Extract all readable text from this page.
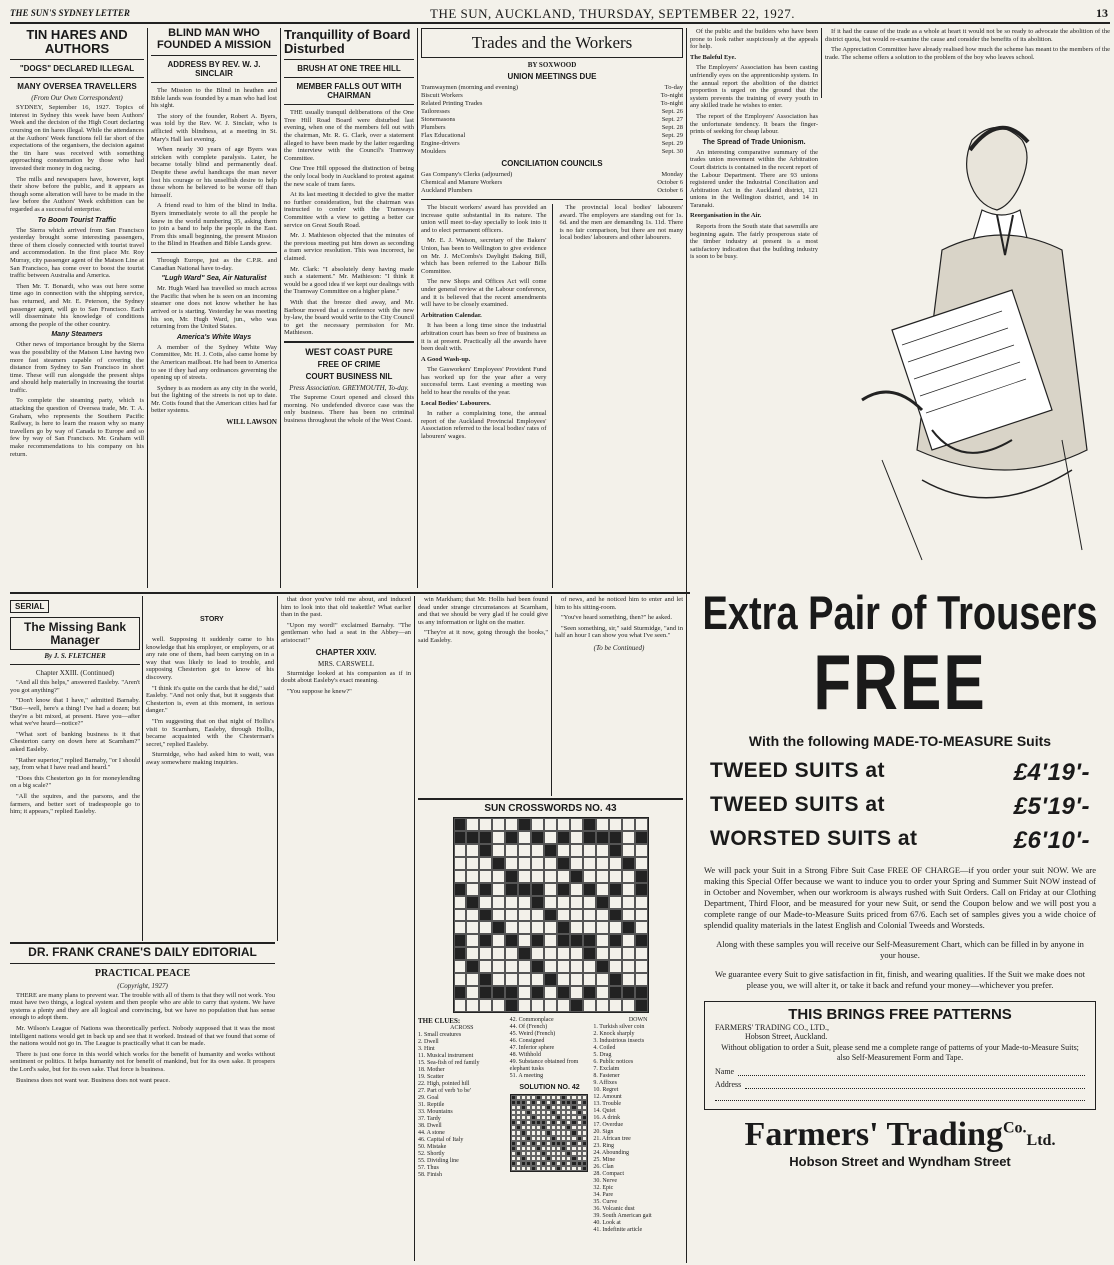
THE SUN'S SYDNEY LETTER	THE SUN, AUCKLAND, THURSDAY, SEPTEMBER 22, 1927.	13
TIN HARES AND AUTHORS
"DOGS" DECLARED ILLEGAL
MANY OVERSEA TRAVELLERS
(From Our Own Correspondent)

SYDNEY, September 16, 1927. Topics of interest in Sydney this week have been Authors' Week and the decision of the High Court declaring coursing on tin hares illegal. While the attendances at the Authors' Week functions fell far short of the expectations of the organisers, the decision against the tin hare was received with something approaching consternation by those who had invested their money in dog racing.

The mills and newspapers have, however, kept their show before the public, and it appears as though some alteration will have to be made in the law before the Authors' Week exhibition can be regarded as a successful enterprise.

To Boom Tourist Traffic

The Sierra which arrived from San Francisco yesterday brought some interesting passengers, three of them closely connected with tourist travel and accommodation. In the first place Mr. Roy Murray, city passenger agent of the Matson Line at San Francisco, has come over to boost the tourist traffic between Australia and America.

Then Mr. T. Bonardi, who was out here some time ago in connection with the shipping service, has returned, and Mr. E. Peterson, the Sydney passenger agent, will go to San Francisco. Each will disseminate his knowledge of conditions among the people of the other country.

Many Steamers

Other news of importance brought by the Sierra was the possibility of the Matson Line having two more fast steamers capable of covering the distance from Sydney to San Francisco in short time. These will run alongside the present ships and should help materially in increasing the tourist traffic.

To complete the steaming party, which is attacking the question of Oversea trade, Mr. T. A. Graham, who represents the Southern Pacific Railway, is here to learn the reason why so many travellers go by way of Canada to Europe and so few by way of San Francisco. Mr. Graham will make recommendations to his company on his return.

BLIND MAN WHO FOUNDED A MISSION
ADDRESS BY REV. W. J. SINCLAIR

The Mission to the Blind in heathen and Bible lands was founded by a man who had lost his sight.

The story of the founder, Robert A. Byers, was told by the Rev. W. J. Sinclair, who is afflicted with blindness, at a meeting in St. Mary's Hall last evening.

When nearly 30 years of age Byers was stricken with complete paralysis. Later, he became totally blind and permanently deaf. Despite these awful handicaps the man never lost his courage or his unselfish desire to help those whom he believed to be worse off than himself.

A friend read to him of the blind in India. Byers immediately wrote to all the people he knew in the world numbering 35, asking them to join a band to help the people in the East. From this small beginning, the present Mission to the Blind in Heathen and Bible Lands grew.

Through Europe, just as the C.P.R. and Canadian National have to-day.

"Lugh Ward" Sea, Air Naturalist

Mr. Hugh Ward has travelled so much across the Pacific that when he is seen on an incoming steamer one does not know whether he has arrived or is starting. Yesterday he was meeting his son, Mr. Hugh Ward, jun., who was returning from the United States.

America's White Ways

A member of the Sydney White Way Committee, Mr. H. J. Cotis, also came home by the American mailboat. He had been to America to see if they had any ordinances governing the opening up of streets.

Sydney is as modern as any city in the world, but the lighting of the streets is not up to date. Mr. Cotis found that the American cities had far better systems.

WILL LAWSON
Tranquillity of Board Disturbed
BRUSH AT ONE TREE HILL
MEMBER FALLS OUT WITH CHAIRMAN

THE usually tranquil deliberations of the One Tree Hill Road Board were disturbed last evening, when one of the members fell out with the chairman, Mr. R. G. Clark, over a statement alleged to have been made by the latter regarding the interview with the Council's Tramway Committee.

One Tree Hill opposed the distinction of being the only local body in Auckland to protest against the new scale of tram fares.

At its last meeting it decided to give the matter no further consideration, but the chairman was instructed to confer with the Tramways Committee with a view to getting a better car service on Great South Road.

Mr. J. Mathieson objected that the minutes of the previous meeting put him down as seconding a tram service resolution. This was incorrect, he claimed.

Mr. Clark: "I absolutely deny having made such a statement." Mr. Mathieson: "I think it would be a good idea if we kept our dealings with the Tramway Committee on a higher plane."

With that the breeze died away, and Mr. Barbour moved that a conference with the new by-law, the board would write to the City Council to get the necessary permission for Mr. Mathieson.

WEST COAST PURE
FREE OF CRIME
COURT BUSINESS NIL
Press Association. GREYMOUTH, To-day.

The Supreme Court opened and closed this morning. No undefended divorce case was the only business. There has been no criminal business throughout the whole of the West Coast.

Trades and the Workers
BY SOXWOOD
UNION MEETINGS DUE
Tramwaymen (morning and evening)	To-day
Biscuit Workers	To-night
Related Printing Trades	To-night
Tailoresses	Sept. 26
Stonemasons	Sept. 27
Plumbers	Sept. 28
Flax Educational	Sept. 29
Engine-drivers	Sept. 29
Moulders	Sept. 30
CONCILIATION COUNCILS
Gas Company's Clerks (adjourned)	Monday
Chemical and Manure Workers	October 6
Auckland Plumbers	October 6

The biscuit workers' award has provided an increase quite substantial in its nature. The union will meet to-day specially to look into it and to elect permanent officers.

Mr. E. J. Watson, secretary of the Bakers' Union, has been to Wellington to give evidence on Mr. J. McCombs's Daylight Baking Bill, which has been referred to the Labour Bills Committee.

The new Shops and Offices Act will come under general review at the Labour conference, and it is believed that the recent amendments will have to be closely examined.

Arbitration Calendar.

It has been a long time since the industrial arbitration court has been so free of business as it is at present. Practically all the awards have been dealt with.

A Good Wash-up.

The Gasworkers' Employees' Provident Fund has worked up for the year after a very successful term. Last evening a meeting was held to hear the results of the year.

Local Bodies' Labourers.

In rather a complaining tone, the annual report of the Auckland Provincial Employees' Association referred to the local bodies' rates of labourers' wages.

The provincial local bodies' labourers' award. The employers are standing out for 1s. 6d. and the men are demanding 1s. 11d. There is no fair comparison, but there are not many local bodies' labourers and other labourers.

Of the public and the builders who have been prone to look rather suspiciously at the appeals for help.

The Baleful Eye.

The Employers' Association has been casting unfriendly eyes on the apprenticeship system. In the annual report the abolition of the district proportion is urged on the ground that the system prevents the training of every youth in any skilled trade he wishes to enter.

The report of the Employers' Association has the unfortunate tendency. It bears the finger-prints of seeking for cheap labour.

The Spread of Trade Unionism.

An interesting comparative summary of the trades union movement within the Arbitration Court districts is contained in the recent report of the Labour Department. There are 93 unions registered under the Industrial Conciliation and Arbitration Act in the Auckland district, 121 unions in the Wellington district, and 14 in Taranaki.

Reorganisation in the Air.

Reports from the South state that sawmills are beginning again. The fairly prosperous state of the timber industry at present is a most satisfactory indication that the building industry is soon to be busy.

If it had the cause of the trade as a whole at heart it would not be so ready to advocate the abolition of the district quota, but would re-examine the cause and consider the benefits of its abolition.

The Appreciation Committee have already realised how much the scheme has meant to the members of the trade. The scheme offers a solution to the problem of the boy who leaves school.

Extra Pair of Trousers
FREE
With the following MADE-TO-MEASURE Suits
TWEED SUITS at	£4'19'-
TWEED SUITS at	£5'19'-
WORSTED SUITS at	£6'10'-
We will pack your Suit in a Strong Fibre Suit Case FREE OF CHARGE—if you order your suit NOW. We are making this Special Offer because we want to induce you to order your Spring and Summer Suit NOW instead of in October and November, when our workroom is always rushed with Suit Orders. Call on Friday at our Clothing Department, Third Floor, and be measured for your new Suit, or send the Coupon below and we will post you a complete range of our Made-to-Measure Suits priced from 67/6. Each set of samples gives you a wide choice of splendid quality materials in the latest English and Colonial Tweeds and Worsteds.
Along with these samples you will receive our Self-Measurement Chart, which can be filled in by anyone in your house.
We guarantee every Suit to give satisfaction in fit, finish, and wearing qualities. If the Suit we make does not please you, we will alter it, or take it back and refund your money—whichever you prefer.
THIS BRINGS FREE PATTERNS
FARMERS' TRADING CO., LTD.,
Hobson Street, Auckland.
Without obligation to order a Suit, please send me a complete range of patterns of your Made-to-Measure Suits; also Self-Measurement Form and Tape.
Name
Address
Farmers' Trading$^{Co.}$Ltd.
Hobson Street and Wyndham Street
SERIAL
The Missing Bank Manager
By J. S. FLETCHER
Chapter XXIII. (Continued)

"And all this helps," answered Easleby. "Aren't you got anything?"

"Don't know that I have," admitted Barnaby. "But—well, here's a thing! I've had a dozen; but they're a bit mixed, at present. Have you—after what we've heard—notice?"

"What sort of banking business is it that Chesterton carry on down here at Scarnham?" asked Easleby.

"Rather superior," replied Barnaby, "or I should say, from what I have read and heard."

"Does this Chesterton go in for moneylending on a big scale?"

"All the squires, and the parsons, and the farmers, and better sort of tradespeople go to him; it appears," replied Easleby.

STORY

well. Supposing it suddenly came to his knowledge that his employer, or employers, or at any rate one of them, had been carrying on in a way that was likely to lead to trouble, and supposing Chesterton got to know of his discovery.

"I think it's quite on the cards that he did," said Easleby. "And not only that, but it suggests that Chesterton is, even at this moment, in serious danger."

"I'm suggesting that on that night of Hollis's visit to Scarnham, Easleby, through Hollis, became acquainted with the Chesterman's secret," replied Easleby.

Sturmidge, who had asked him to wait, was away somewhere making inquiries.

that door you've told me about, and induced him to look into that old teakettle? What earlier than in the past.

"Upon my word!" exclaimed Barnaby. "The gentleman who had a seat in the Abbey—an aristocrat!"

CHAPTER XXIV.
MRS. CARSWELL

Sturmidge looked at his companion as if in doubt about Easleby's exact meaning.

"You suppose he knew?"

win Markham; that Mr. Hollis had been found dead under strange circumstances at Scarnham, and that we should be very glad if he could give us any information or light on the matter.

"They're at it now, going through the books," said Easleby.

of news, and he noticed him to enter and let him to his sitting-room.

"You've heard something, then?" he asked.

"Seen something, sir," said Sturmidge, "and in half an hour I can show you what I've seen."

(To be Continued)
DR. FRANK CRANE'S DAILY EDITORIAL
PRACTICAL PEACE
(Copyright, 1927)

THERE are many plans to prevent war. The trouble with all of them is that they will not work. You must have two things, a logical system and then people who are able to carry that system. We have systems a plenty and they are all logical and convincing, but we have no population that has sense enough to adopt them.

Mr. Wilson's League of Nations was theoretically perfect. Nobody supposed that it was the most intelligent nations would get in back up and see that it worked. Instead of that we found that some of the nations would not go in. The League is practically what it can be made.

There is just one force in this world which works for the benefit of humanity and works without sentiment or politics. It helps humanity not for benefit of mankind, but for its own sake. It prospers the Lord's sake, but for its own sake. That force is business.

Business does not want war. Business does not want peace.

SUN CROSSWORDS NO. 43
THE CLUES:
ACROSS
1. Small creatures
2. Dwell
3. Hint
11. Musical instrument
15. Sea-fish of red family
18. Mother
19. Scatter
22. High, pointed hill
27. Part of verb 'to be'
29. Goal
31. Reptile
33. Mountains
37. Tardy
38. Dwell
44. A stone
46. Capital of Italy
50. Mistake
52. Shortly
55. Dividing line
57. Thus
58. Finish
42. Commonplace
44. Of (French)
45. Weird (French)
46. Consigned
47. Inferior sphere
48. Withhold
49. Substance obtained from elephant tusks
51. A meeting
SOLUTION NO. 42
DOWN
1. Turkish silver coin
2. Knock sharply
3. Industrious insects
4. Coiled
5. Drag
6. Public notices
7. Exclaim
8. Fastener
9. Affixes
10. Regret
12. Amount
13. Trouble
14. Quiet
16. A drink
17. Overdue
20. Sign
21. African tree
23. Ring
24. Abounding
25. Mine
26. Clan
28. Compact
30. Nerve
32. Epic
34. Pare
35. Curve
36. Volcanic dust
39. South American gait
40. Look at
41. Indefinite article
